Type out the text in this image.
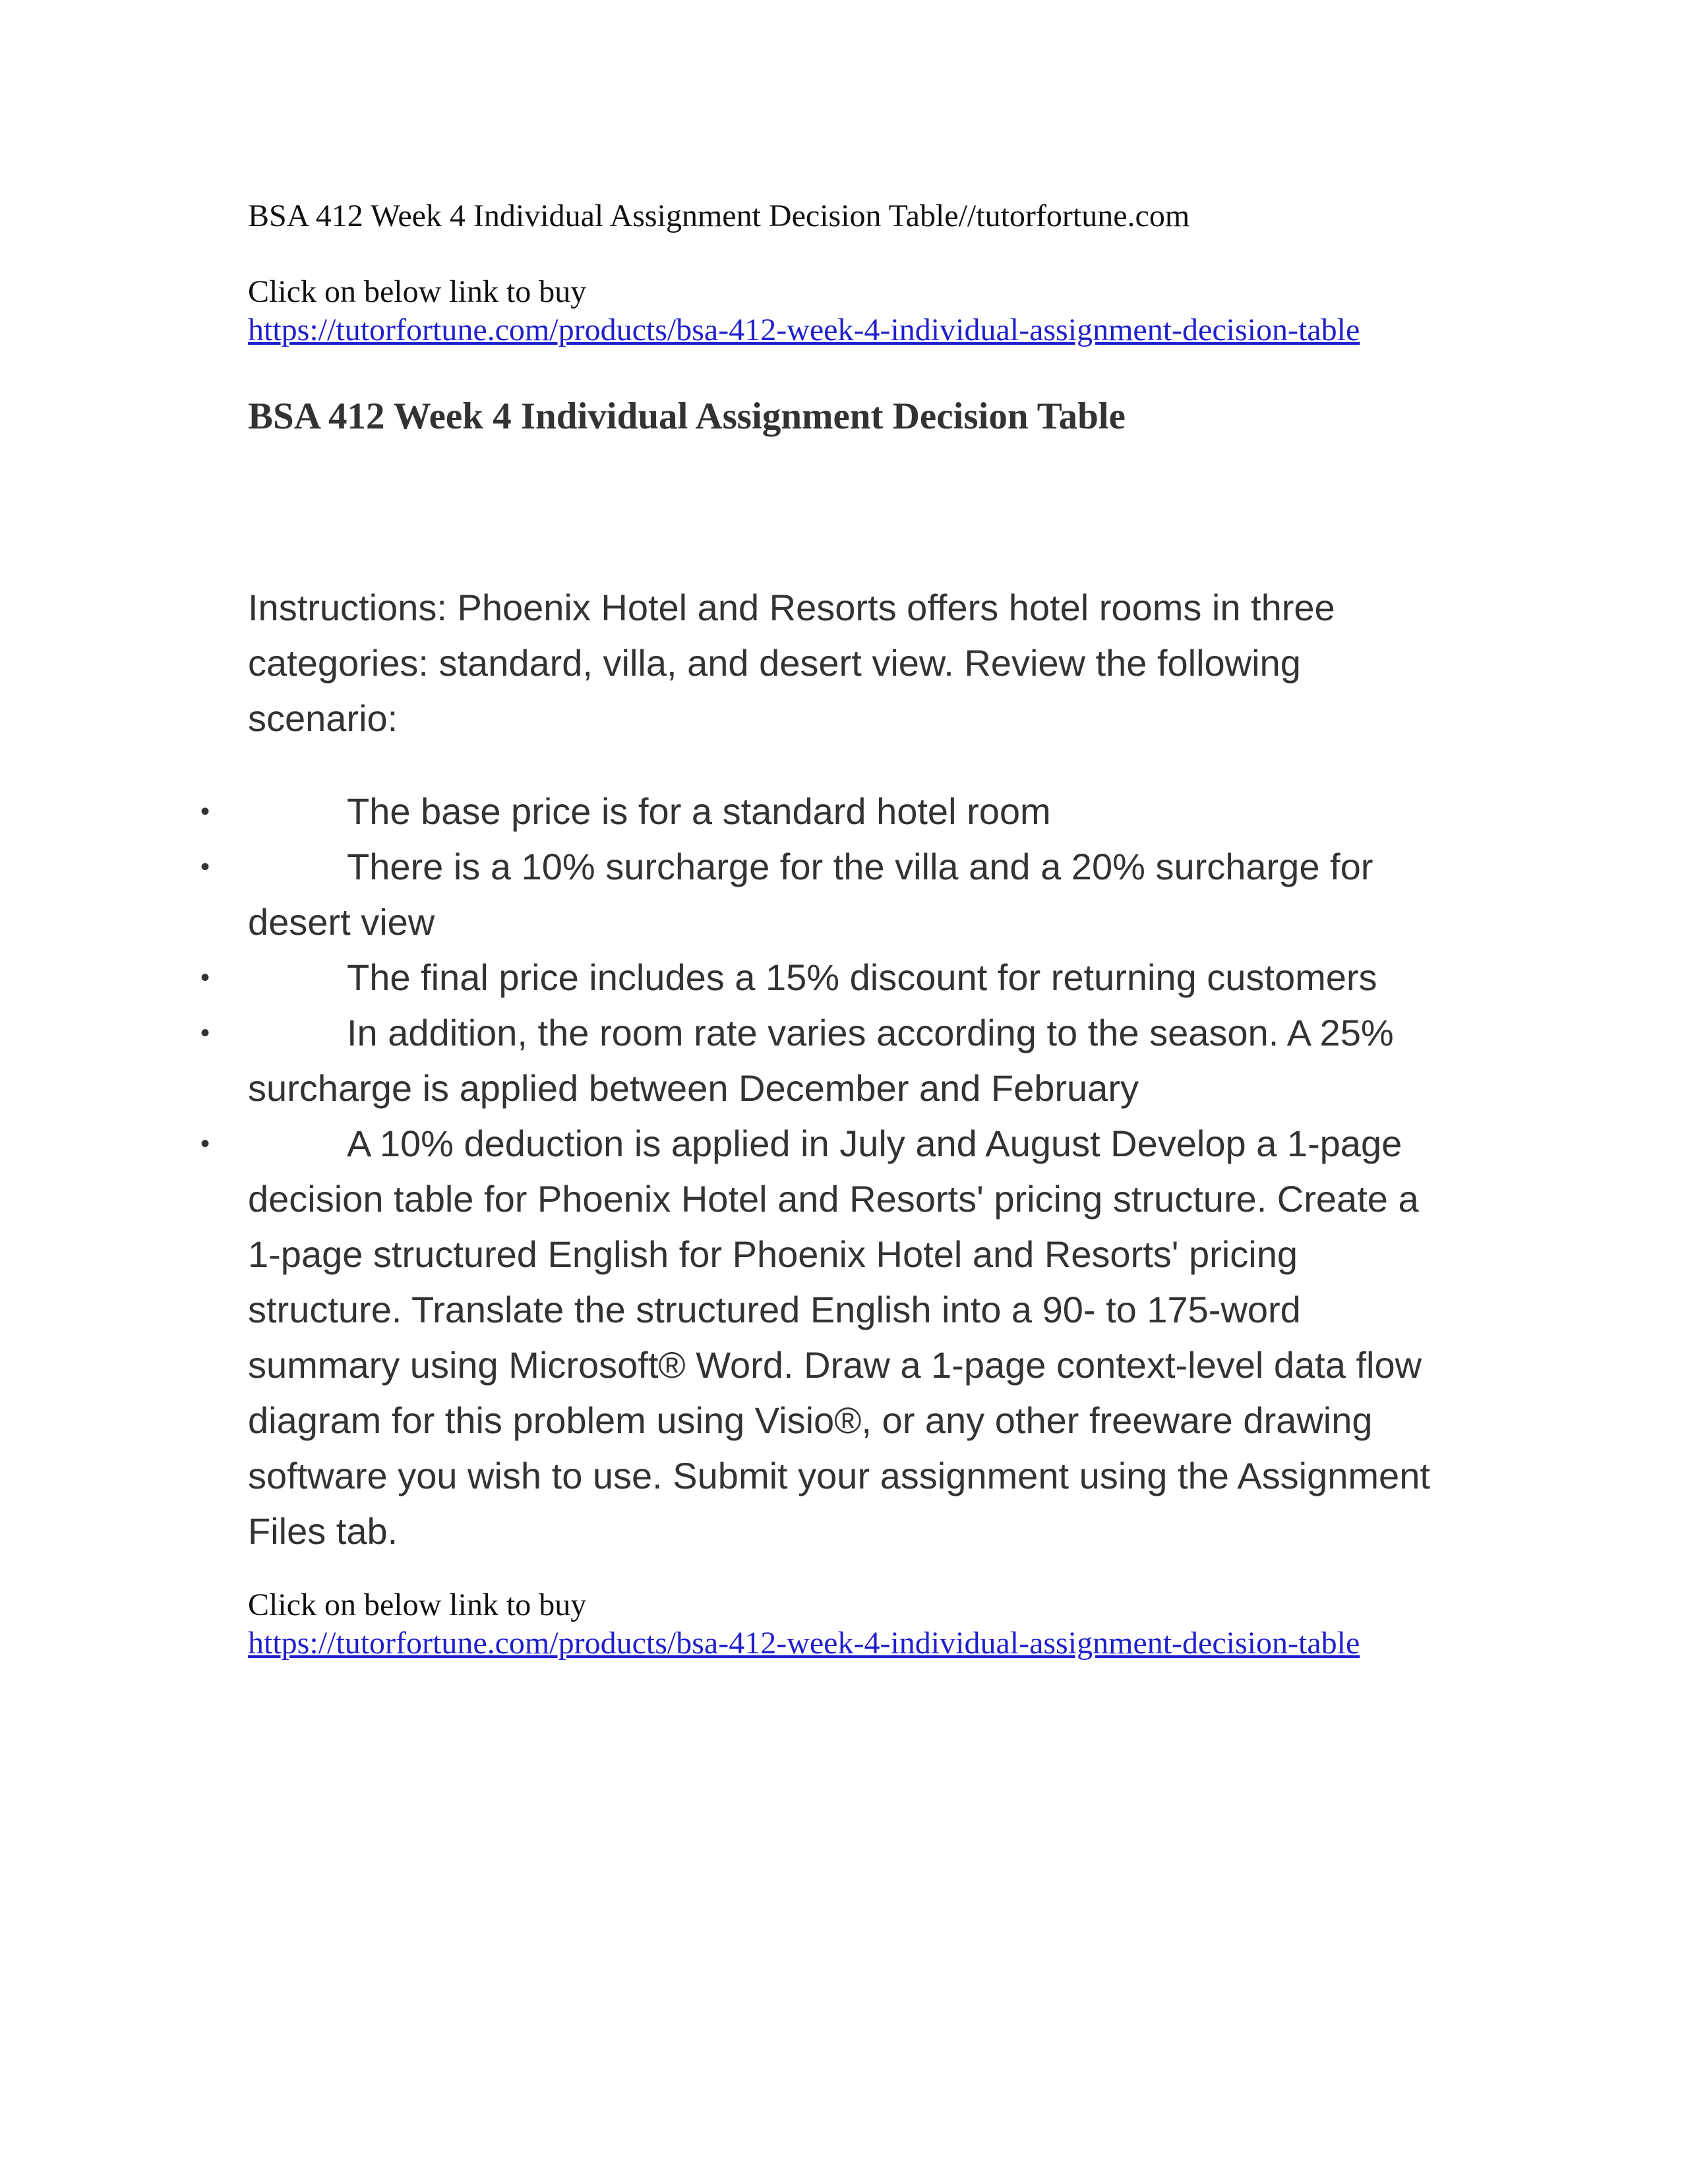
BSA 412 Week 4 Individual Assignment Decision Table//tutorfortune.com
Click on below link to buy
https://tutorfortune.com/products/bsa-412-week-4-individual-assignment-decision-table
BSA 412 Week 4 Individual Assignment Decision Table

Instructions: Phoenix Hotel and Resorts offers hotel rooms in three categories: standard, villa, and desert view. Review the following scenario:

•	The base price is for a standard hotel room
•	There is a 10% surcharge for the villa and a 20% surcharge for desert view
•	The final price includes a 15% discount for returning customers
•	In addition, the room rate varies according to the season. A 25% surcharge is applied between December and February
•	A 10% deduction is applied in July and August Develop a 1-page decision table for Phoenix Hotel and Resorts' pricing structure. Create a 1-page structured English for Phoenix Hotel and Resorts' pricing structure. Translate the structured English into a 90- to 175-word summary using Microsoft® Word. Draw a 1-page context-level data flow diagram for this problem using Visio®, or any other freeware drawing software you wish to use. Submit your assignment using the Assignment Files tab.
Click on below link to buy
https://tutorfortune.com/products/bsa-412-week-4-individual-assignment-decision-table
